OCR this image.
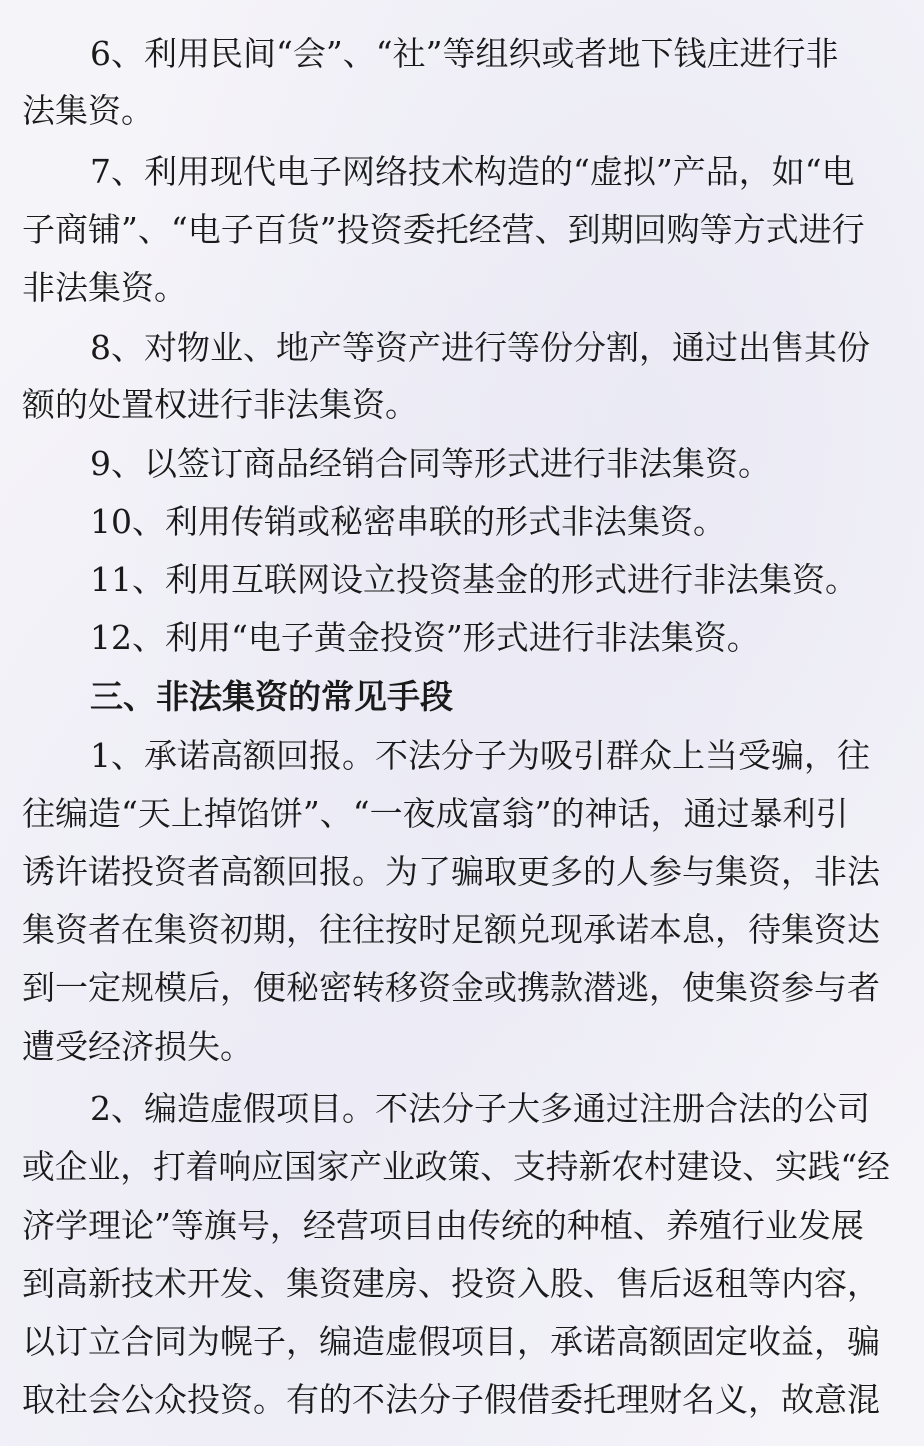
6、利用民间“会”、“社”等组织或者地下钱庄进行非
法集资。
7、利用现代电子网络技术构造的“虚拟”产品，如“电
子商铺”、“电子百货”投资委托经营、到期回购等方式进行
非法集资。
8、对物业、地产等资产进行等份分割，通过出售其份
额的处置权进行非法集资。
9、以签订商品经销合同等形式进行非法集资。
10、利用传销或秘密串联的形式非法集资。
11、利用互联网设立投资基金的形式进行非法集资。
12、利用“电子黄金投资”形式进行非法集资。
三、非法集资的常见手段
1、承诺高额回报。不法分子为吸引群众上当受骗，往
往编造“天上掉馅饼”、“一夜成富翁”的神话，通过暴利引
诱许诺投资者高额回报。为了骗取更多的人参与集资，非法
集资者在集资初期，往往按时足额兑现承诺本息，待集资达
到一定规模后，便秘密转移资金或携款潜逃，使集资参与者
遭受经济损失。
2、编造虚假项目。不法分子大多通过注册合法的公司
或企业，打着响应国家产业政策、支持新农村建设、实践“经
济学理论”等旗号，经营项目由传统的种植、养殖行业发展
到高新技术开发、集资建房、投资入股、售后返租等内容，
以订立合同为幌子，编造虚假项目，承诺高额固定收益，骗
取社会公众投资。有的不法分子假借委托理财名义，故意混
